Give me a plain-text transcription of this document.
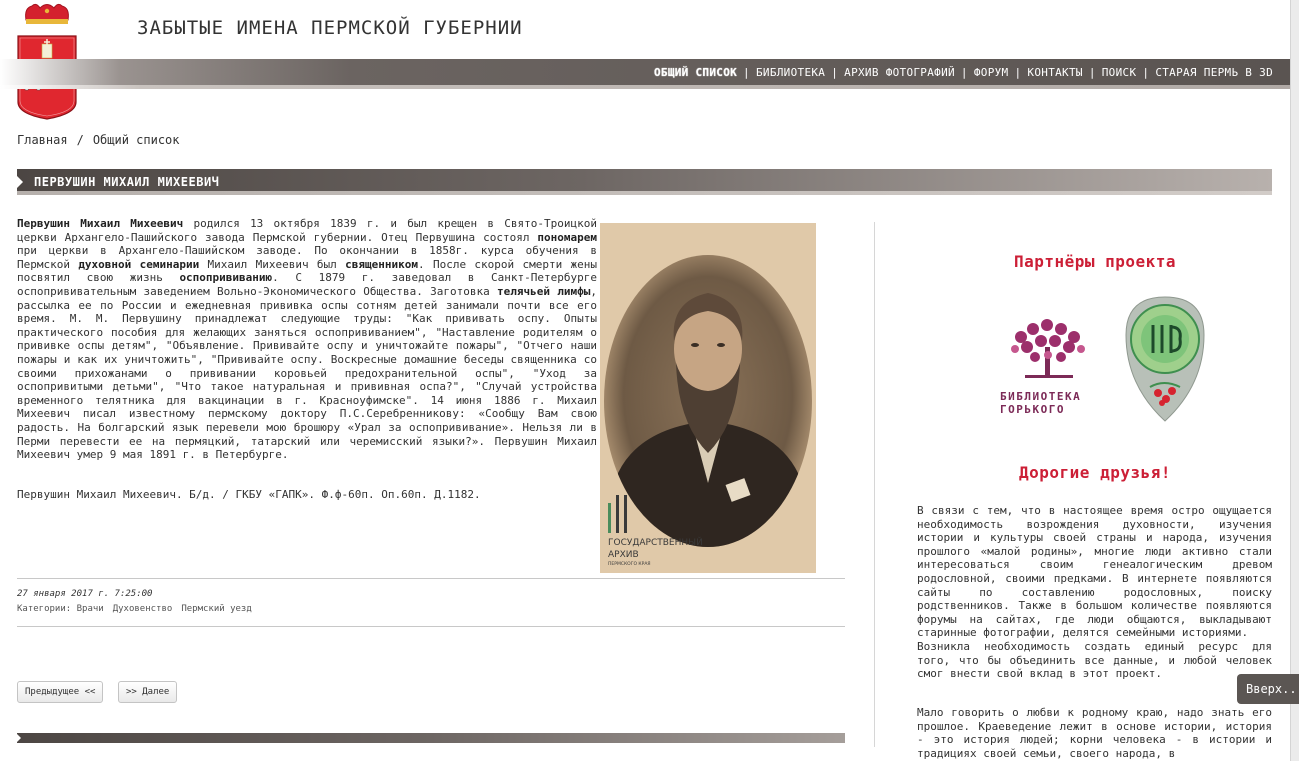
ЗАБЫТЫЕ ИМЕНА ПЕРМСКОЙ ГУБЕРНИИ
ОБЩИЙ СПИСОК | БИБЛИОТЕКА | АРХИВ ФОТОГРАФИЙ | ФОРУМ | КОНТАКТЫ | ПОИСК | СТАРАЯ ПЕРМЬ В 3D
Главная / Общий список
ПЕРВУШИН МИХАИЛ МИХЕЕВИЧ
Первушин Михаил Михеевич родился 13 октября 1839 г. и был крещен в Свято-Троицкой церкви Архангело-Пашийского завода Пермской губернии. Отец Первушина состоял пономарем при церкви в Архангело-Пашийском заводе. По окончании в 1858г. курса обучения в Пермской духовной семинарии Михаил Михеевич был священником. После скорой смерти жены посвятил свою жизнь оспопрививанию. С 1879 г. заведовал в Санкт-Петербурге оспопрививательным заведением Вольно-Экономического Общества. Заготовка телячьей лимфы, рассылка ее по России и ежедневная прививка оспы сотням детей занимали почти все его время. М. М. Первушину принадлежат следующие труды: "Как прививать оспу. Опыты практического пособия для желающих заняться оспопрививанием", "Наставление родителям о прививке оспы детям", "Объявление. Прививайте оспу и уничтожайте пожары", "Отчего наши пожары и как их уничтожить", "Прививайте оспу. Воскресные домашние беседы священника со своими прихожанами о прививании коровьей предохранительной оспы", "Уход за оспопривитыми детьми", "Что такое натуральная и прививная оспа?", "Случай устройства временного телятника для вакцинации в г. Красноуфимске". 14 июня 1886 г. Михаил Михеевич писал известному пермскому доктору П.С.Серебренникову: «Сообщу Вам свою радость. На болгарский язык перевели мою брошюру «Урал за оспопрививание». Нельзя ли в Перми перевести ее на пермяцкий, татарский или черемисский языки?». Первушин Михаил Михеевич умер 9 мая 1891 г. в Петербурге.
Первушин Михаил Михеевич. Б/д. / ГКБУ «ГАПК». Ф.ф-60п. Оп.60п. Д.1182.
ГОСУДАРСТВЕННЫЙ
АРХИВ
ПЕРМСКОГО КРАЯ
27 января 2017 г. 7:25:00
Категории: Врачи Духовенство Пермский уезд
Предыдущее <<	>> Далее
Партнёры проекта
БИБЛИОТЕКА
ГОРЬКОГО
Дорогие друзья!
В связи с тем, что в настоящее время остро ощущается необходимость возрождения духовности, изучения истории и культуры своей страны и народа, изучения прошлого «малой родины», многие люди активно стали интересоваться своим генеалогическим древом родословной, своими предками. В интернете появляются сайты по составлению родословных, поиску родственников. Также в большом количестве появляются форумы на сайтах, где люди общаются, выкладывают старинные фотографии, делятся семейными историями.
Возникла необходимость создать единый ресурс для того, что бы объединить все данные, и любой человек смог внести свой вклад в этот проект.
Мало говорить о любви к родному краю, надо знать его прошлое. Краеведение лежит в основе истории, история - это история людей; корни человека - в истории и традициях своей семьи, своего народа, в
Вверх..
